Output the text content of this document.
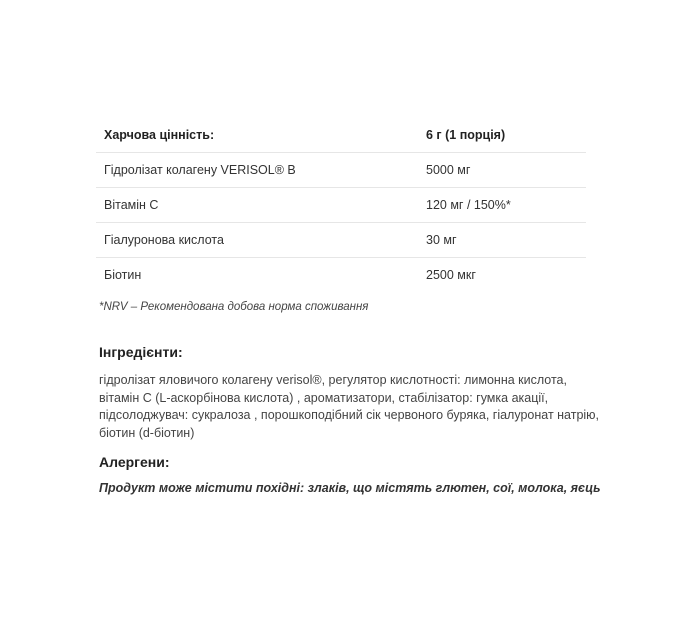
Харчова цінність:	6 г (1 порція)
Гідролізат колагену VERISOL® B	5000 мг
Вітамін C	120 мг / 150%*
Гіалуронова кислота	30 мг
Біотин	2500 мкг

*NRV – Рекомендована добова норма споживання

Інгредієнти:

гідролізат яловичого колагену verisol®, регулятор кислотності: лимонна кислота,
вітамін С (L-аскорбінова кислота) , ароматизатори, стабілізатор: гумка акації,
підсолоджувач: сукралоза , порошкоподібний сік червоного буряка, гіалуронат натрію,
біотин (d-біотин)

Алергени:

Продукт може містити похідні: злаків, що містять глютен, сої, молока, яєць
